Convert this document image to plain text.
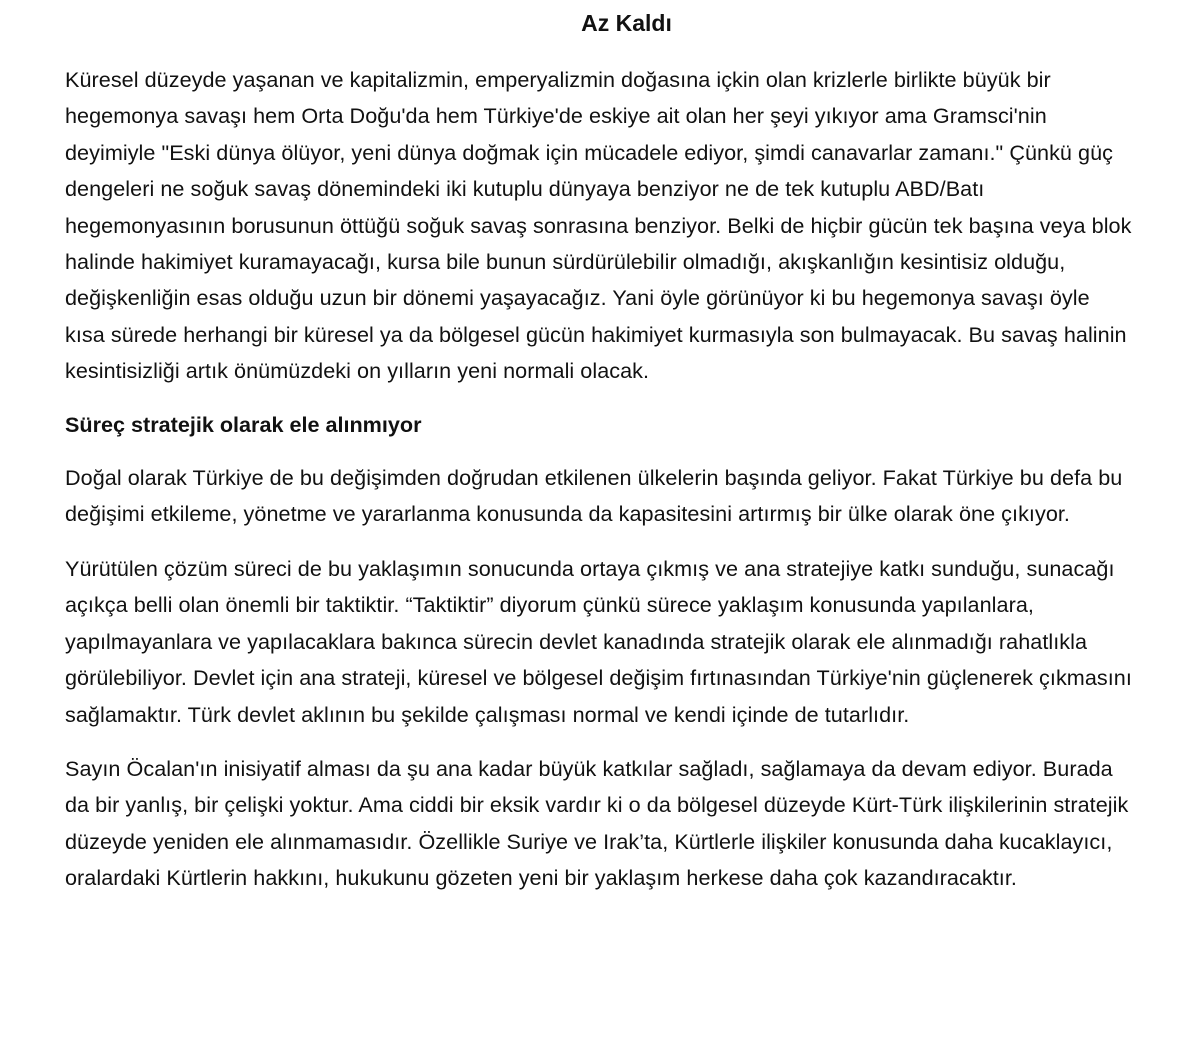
Az Kaldı

Küresel düzeyde yaşanan ve kapitalizmin, emperyalizmin doğasına içkin olan krizlerle birlikte büyük bir hegemonya savaşı hem Orta Doğu'da hem Türkiye'de eskiye ait olan her şeyi yıkıyor ama Gramsci'nin deyimiyle "Eski dünya ölüyor, yeni dünya doğmak için mücadele ediyor, şimdi canavarlar zamanı." Çünkü güç dengeleri ne soğuk savaş dönemindeki iki kutuplu dünyaya benziyor ne de tek kutuplu ABD/Batı hegemonyasının borusunun öttüğü soğuk savaş sonrasına benziyor. Belki de hiçbir gücün tek başına veya blok halinde hakimiyet kuramayacağı, kursa bile bunun sürdürülebilir olmadığı, akışkanlığın kesintisiz olduğu, değişkenliğin esas olduğu uzun bir dönemi yaşayacağız. Yani öyle görünüyor ki bu hegemonya savaşı öyle kısa sürede herhangi bir küresel ya da bölgesel gücün hakimiyet kurmasıyla son bulmayacak. Bu savaş halinin kesintisizliği artık önümüzdeki on yılların yeni normali olacak.

Süreç stratejik olarak ele alınmıyor

Doğal olarak Türkiye de bu değişimden doğrudan etkilenen ülkelerin başında geliyor. Fakat Türkiye bu defa bu değişimi etkileme, yönetme ve yararlanma konusunda da kapasitesini artırmış bir ülke olarak öne çıkıyor.

Yürütülen çözüm süreci de bu yaklaşımın sonucunda ortaya çıkmış ve ana stratejiye katkı sunduğu, sunacağı açıkça belli olan önemli bir taktiktir. “Taktiktir” diyorum çünkü sürece yaklaşım konusunda yapılanlara, yapılmayanlara ve yapılacaklara bakınca sürecin devlet kanadında stratejik olarak ele alınmadığı rahatlıkla görülebiliyor. Devlet için ana strateji, küresel ve bölgesel değişim fırtınasından Türkiye'nin güçlenerek çıkmasını sağlamaktır. Türk devlet aklının bu şekilde çalışması normal ve kendi içinde de tutarlıdır.

Sayın Öcalan'ın inisiyatif alması da şu ana kadar büyük katkılar sağladı, sağlamaya da devam ediyor. Burada da bir yanlış, bir çelişki yoktur. Ama ciddi bir eksik vardır ki o da bölgesel düzeyde Kürt-Türk ilişkilerinin stratejik düzeyde yeniden ele alınmamasıdır. Özellikle Suriye ve Irak’ta, Kürtlerle ilişkiler konusunda daha kucaklayıcı, oralardaki Kürtlerin hakkını, hukukunu gözeten yeni bir yaklaşım herkese daha çok kazandıracaktır.
